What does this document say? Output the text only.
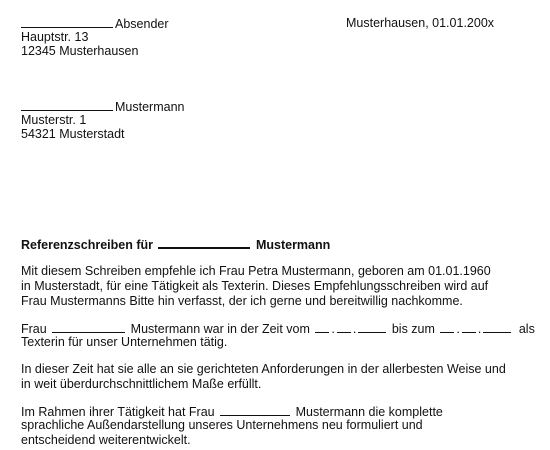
Absender
Hauptstr. 13
12345 Musterhausen
Musterhausen, 01.01.200x
Mustermann
Musterstr. 1
54321 Musterstadt
Referenzschreiben für	Mustermann

Mit diesem Schreiben empfehle ich Frau Petra Mustermann, geboren am 01.01.1960 in Musterstadt, für eine Tätigkeit als Texterin. Dieses Empfehlungsschreiben wird auf Frau Mustermanns Bitte hin verfasst, der ich gerne und bereitwillig nachkomme.

Frau	Mustermann war in der Zeit vom . .	bis zum . .	als
Texterin für unser Unternehmen tätig.

In dieser Zeit hat sie alle an sie gerichteten Anforderungen in der allerbesten Weise und in weit überdurchschnittlichem Maße erfüllt.

Im Rahmen ihrer Tätigkeit hat Frau	Mustermann die komplette

sprachliche Außendarstellung unseres Unternehmens neu formuliert und entscheidend weiterentwickelt.
